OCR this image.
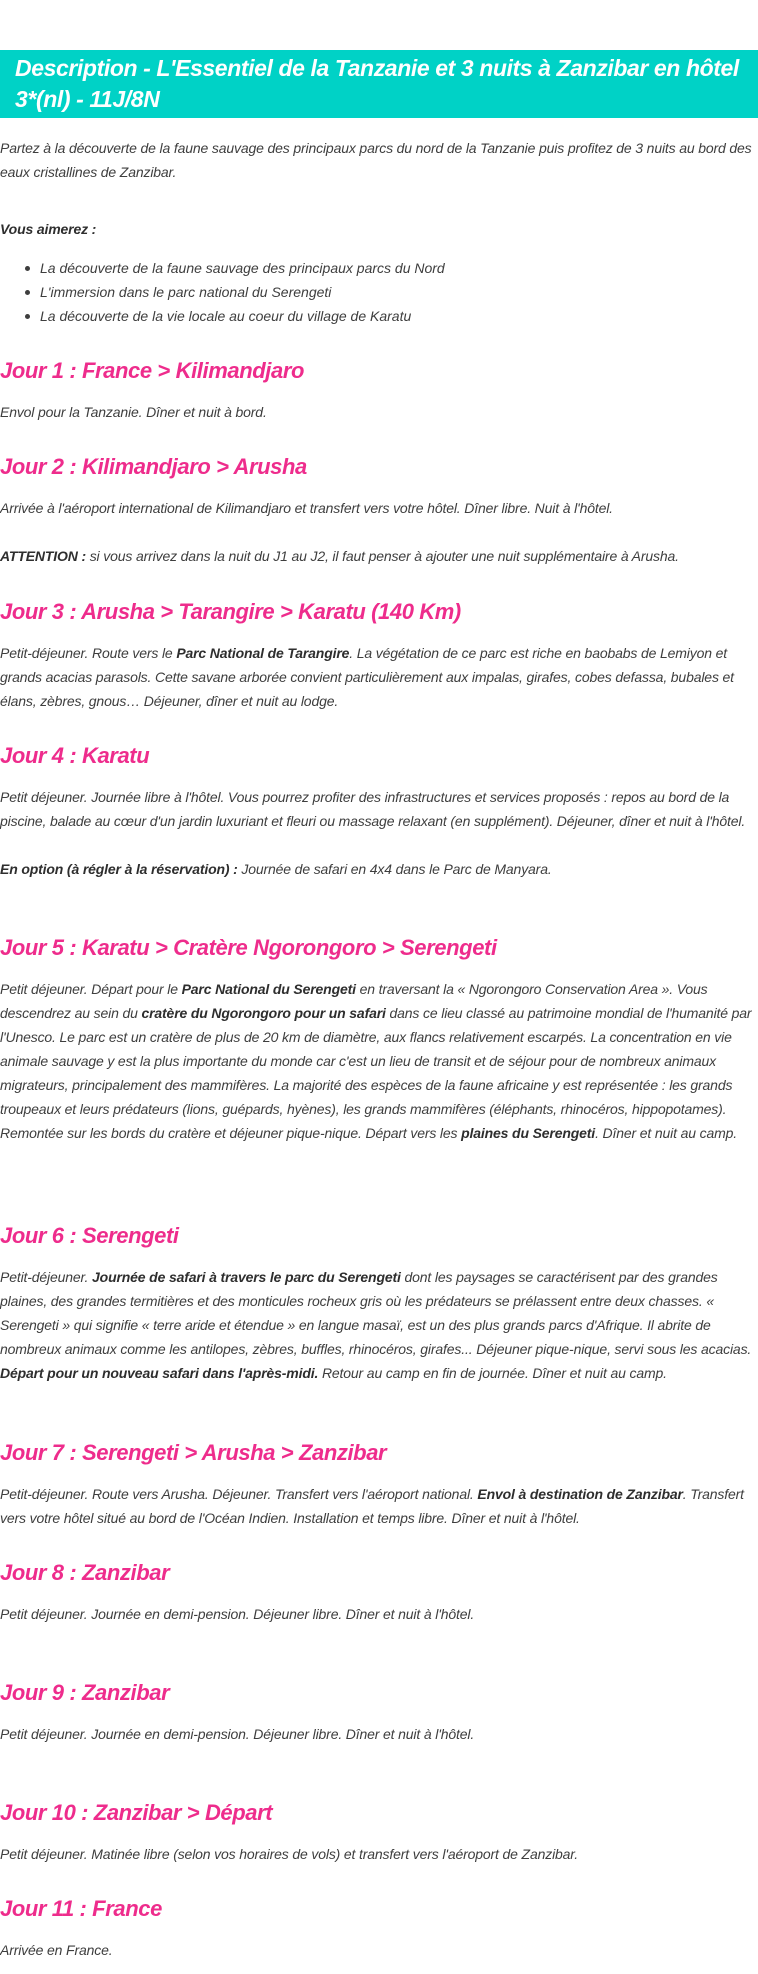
Description - L'Essentiel de la Tanzanie et 3 nuits à Zanzibar en hôtel 3*(nl) - 11J/8N

Partez à la découverte de la faune sauvage des principaux parcs du nord de la Tanzanie puis profitez de 3 nuits au bord des eaux cristallines de Zanzibar.

Vous aimerez :

La découverte de la faune sauvage des principaux parcs du Nord
L'immersion dans le parc national du Serengeti
La découverte de la vie locale au coeur du village de Karatu
Jour 1 : France > Kilimandjaro

Envol pour la Tanzanie. Dîner et nuit à bord.

Jour 2 : Kilimandjaro > Arusha

Arrivée à l'aéroport international de Kilimandjaro et transfert vers votre hôtel. Dîner libre. Nuit à l'hôtel.

ATTENTION : si vous arrivez dans la nuit du J1 au J2, il faut penser à ajouter une nuit supplémentaire à Arusha.

Jour 3 : Arusha > Tarangire > Karatu (140 Km)

Petit-déjeuner. Route vers le Parc National de Tarangire. La végétation de ce parc est riche en baobabs de Lemiyon et grands acacias parasols. Cette savane arborée convient particulièrement aux impalas, girafes, cobes defassa, bubales et élans, zèbres, gnous… Déjeuner, dîner et nuit au lodge.

Jour 4 : Karatu

Petit déjeuner. Journée libre à l'hôtel. Vous pourrez profiter des infrastructures et services proposés : repos au bord de la piscine, balade au cœur d'un jardin luxuriant et fleuri ou massage relaxant (en supplément). Déjeuner, dîner et nuit à l'hôtel.

En option (à régler à la réservation) : Journée de safari en 4x4 dans le Parc de Manyara.

Jour 5 : Karatu > Cratère Ngorongoro > Serengeti

Petit déjeuner. Départ pour le Parc National du Serengeti en traversant la « Ngorongoro Conservation Area ». Vous descendrez au sein du cratère du Ngorongoro pour un safari dans ce lieu classé au patrimoine mondial de l'humanité par l'Unesco. Le parc est un cratère de plus de 20 km de diamètre, aux flancs relativement escarpés. La concentration en vie animale sauvage y est la plus importante du monde car c'est un lieu de transit et de séjour pour de nombreux animaux migrateurs, principalement des mammifères. La majorité des espèces de la faune africaine y est représentée : les grands troupeaux et leurs prédateurs (lions, guépards, hyènes), les grands mammifères (éléphants, rhinocéros, hippopotames). Remontée sur les bords du cratère et déjeuner pique-nique. Départ vers les plaines du Serengeti. Dîner et nuit au camp.

Jour 6 : Serengeti

Petit-déjeuner. Journée de safari à travers le parc du Serengeti dont les paysages se caractérisent par des grandes plaines, des grandes termitières et des monticules rocheux gris où les prédateurs se prélassent entre deux chasses. « Serengeti » qui signifie « terre aride et étendue » en langue masaï, est un des plus grands parcs d'Afrique. Il abrite de nombreux animaux comme les antilopes, zèbres, buffles, rhinocéros, girafes... Déjeuner pique-nique, servi sous les acacias. Départ pour un nouveau safari dans l'après-midi. Retour au camp en fin de journée. Dîner et nuit au camp.

Jour 7 : Serengeti > Arusha > Zanzibar

Petit-déjeuner. Route vers Arusha. Déjeuner. Transfert vers l'aéroport national. Envol à destination de Zanzibar. Transfert vers votre hôtel situé au bord de l'Océan Indien. Installation et temps libre. Dîner et nuit à l'hôtel.

Jour 8 : Zanzibar

Petit déjeuner. Journée en demi-pension. Déjeuner libre. Dîner et nuit à l'hôtel.

Jour 9 : Zanzibar

Petit déjeuner. Journée en demi-pension. Déjeuner libre. Dîner et nuit à l'hôtel.

Jour 10 : Zanzibar > Départ

Petit déjeuner. Matinée libre (selon vos horaires de vols) et transfert vers l'aéroport de Zanzibar.

Jour 11 : France

Arrivée en France.
